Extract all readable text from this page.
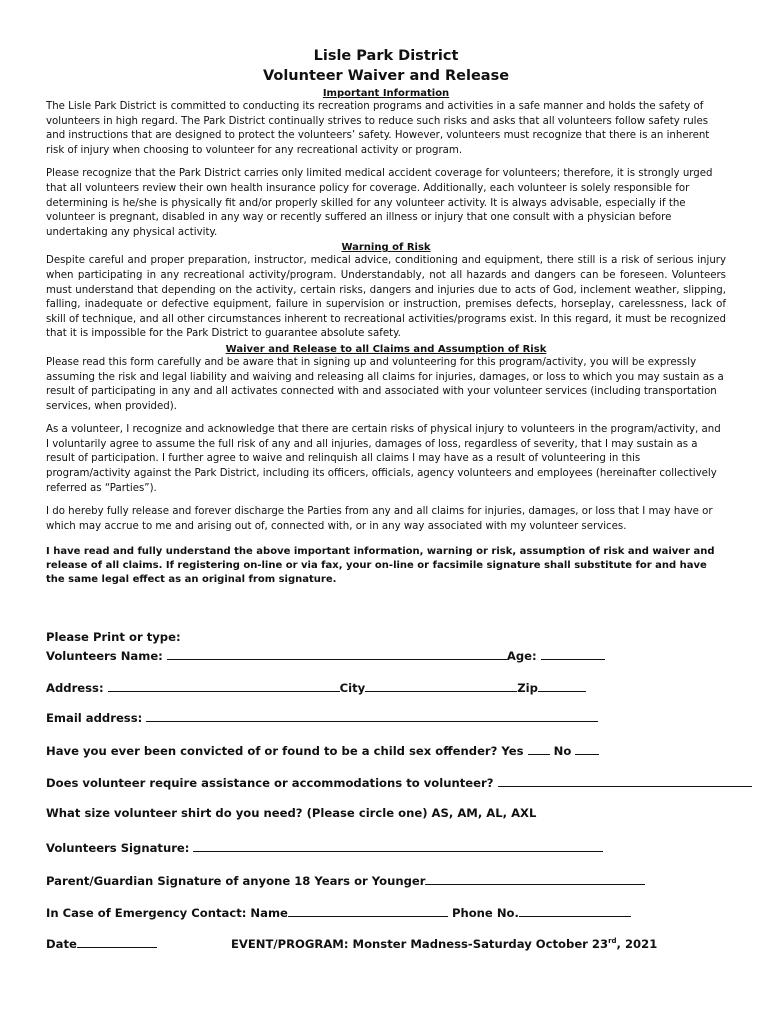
Lisle Park District
Volunteer Waiver and Release
Important Information

The Lisle Park District is committed to conducting its recreation programs and activities in a safe manner and holds the safety of volunteers in high regard. The Park District continually strives to reduce such risks and asks that all volunteers follow safety rules and instructions that are designed to protect the volunteers’ safety. However, volunteers must recognize that there is an inherent risk of injury when choosing to volunteer for any recreational activity or program.

Please recognize that the Park District carries only limited medical accident coverage for volunteers; therefore, it is strongly urged that all volunteers review their own health insurance policy for coverage. Additionally, each volunteer is solely responsible for determining is he/she is physically fit and/or properly skilled for any volunteer activity. It is always advisable, especially if the volunteer is pregnant, disabled in any way or recently suffered an illness or injury that one consult with a physician before undertaking any physical activity.

Warning of Risk

Despite careful and proper preparation, instructor, medical advice, conditioning and equipment, there still is a risk of serious injury when participating in any recreational activity/program. Understandably, not all hazards and dangers can be foreseen. Volunteers must understand that depending on the activity, certain risks, dangers and injuries due to acts of God, inclement weather, slipping, falling, inadequate or defective equipment, failure in supervision or instruction, premises defects, horseplay, carelessness, lack of skill of technique, and all other circumstances inherent to recreational activities/programs exist. In this regard, it must be recognized that it is impossible for the Park District to guarantee absolute safety.

Waiver and Release to all Claims and Assumption of Risk

Please read this form carefully and be aware that in signing up and volunteering for this program/activity, you will be expressly assuming the risk and legal liability and waiving and releasing all claims for injuries, damages, or loss to which you may sustain as a result of participating in any and all activates connected with and associated with your volunteer services (including transportation services, when provided).

As a volunteer, I recognize and acknowledge that there are certain risks of physical injury to volunteers in the program/activity, and I voluntarily agree to assume the full risk of any and all injuries, damages of loss, regardless of severity, that I may sustain as a result of participation. I further agree to waive and relinquish all claims I may have as a result of volunteering in this program/activity against the Park District, including its officers, officials, agency volunteers and employees (hereinafter collectively referred as “Parties”).

I do hereby fully release and forever discharge the Parties from any and all claims for injuries, damages, or loss that I may have or which may accrue to me and arising out of, connected with, or in any way associated with my volunteer services.

I have read and fully understand the above important information, warning or risk, assumption of risk and waiver and release of all claims. If registering on-line or via fax, your on-line or facsimile signature shall substitute for and have the same legal effect as an original from signature.

Please Print or type:
Volunteers Name:	Age:
Address:	City	Zip
Email address:
Have you ever been convicted of or found to be a child sex offender? Yes	No
Does volunteer require assistance or accommodations to volunteer?
What size volunteer shirt do you need? (Please circle one) AS, AM, AL, AXL
Volunteers Signature:
Parent/Guardian Signature of anyone 18 Years or Younger
In Case of Emergency Contact: Name	Phone No.
Date	EVENT/PROGRAM: Monster Madness-Saturday October 23rd, 2021
